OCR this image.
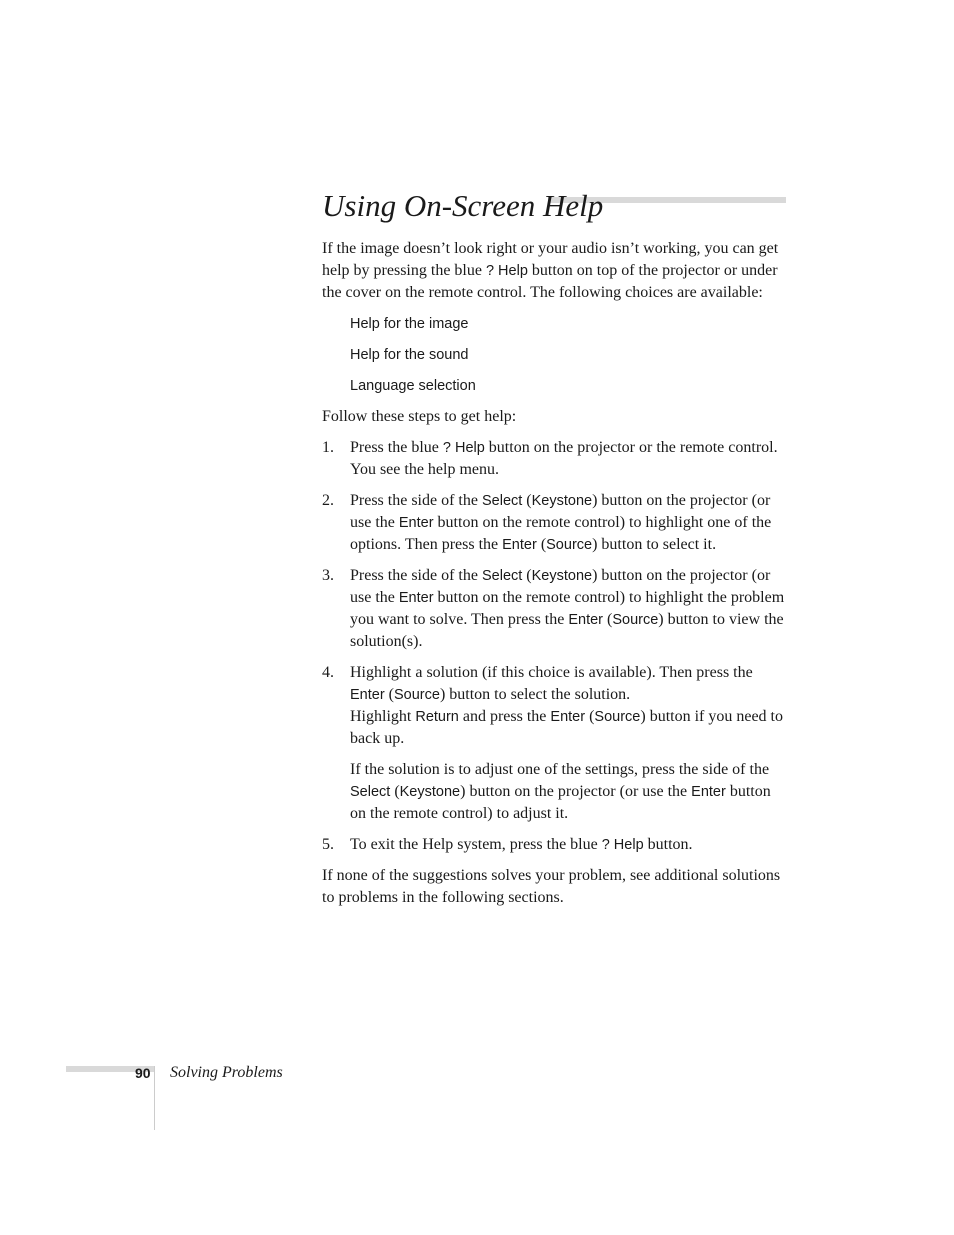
Using On-Screen Help

If the image doesn’t look right or your audio isn’t working, you can get help by pressing the blue ? Help button on top of the projector or under the cover on the remote control. The following choices are available:

Help for the image
Help for the sound
Language selection

Follow these steps to get help:

1. Press the blue ? Help button on the projector or the remote control. You see the help menu.
2. Press the side of the Select (Keystone) button on the projector (or use the Enter button on the remote control) to highlight one of the options. Then press the Enter (Source) button to select it.
3. Press the side of the Select (Keystone) button on the projector (or use the Enter button on the remote control) to highlight the problem you want to solve. Then press the Enter (Source) button to view the solution(s).
4. Highlight a solution (if this choice is available). Then press the Enter (Source) button to select the solution.

Highlight Return and press the Enter (Source) button if you need to back up.

If the solution is to adjust one of the settings, press the side of the Select (Keystone) button on the projector (or use the Enter button on the remote control) to adjust it.

5. To exit the Help system, press the blue ? Help button.

If none of the suggestions solves your problem, see additional solutions to problems in the following sections.

90 Solving Problems
